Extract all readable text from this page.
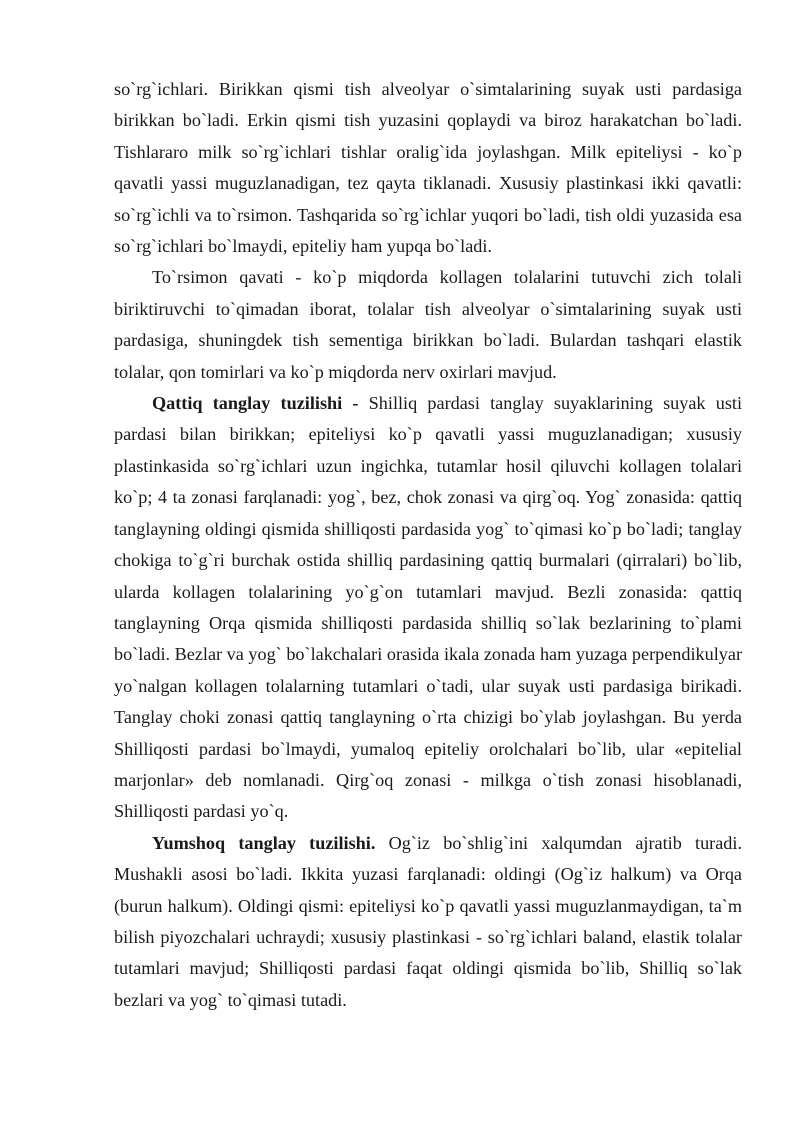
so`rg`ichlari. Birikkan qismi tish alveolyar o`simtalarining suyak usti pardasiga birikkan bo`ladi. Erkin qismi tish yuzasini qoplaydi va biroz harakatchan bo`ladi. Tishlararo milk so`rg`ichlari tishlar oralig`ida joylashgan. Milk epiteliysi - ko`p qavatli yassi muguzlanadigan, tez qayta tiklanadi. Xususiy plastinkasi ikki qavatli: so`rg`ichli va to`rsimon. Tashqarida so`rg`ichlar yuqori bo`ladi, tish oldi yuzasida esa so`rg`ichlari bo`lmaydi, epiteliy ham yupqa bo`ladi.

To`rsimon qavati - ko`p miqdorda kollagen tolalarini tutuvchi zich tolali biriktiruvchi to`qimadan iborat, tolalar tish alveolyar o`simtalarining suyak usti pardasiga, shuningdek tish sementiga birikkan bo`ladi. Bulardan tashqari elastik tolalar, qon tomirlari va ko`p miqdorda nerv oxirlari mavjud.

Qattiq tanglay tuzilishi - Shilliq pardasi tanglay suyaklarining suyak usti pardasi bilan birikkan; epiteliysi ko`p qavatli yassi muguzlanadigan; xususiy plastinkasida so`rg`ichlari uzun ingichka, tutamlar hosil qiluvchi kollagen tolalari ko`p; 4 ta zonasi farqlanadi: yog`, bez, chok zonasi va qirg`oq. Yog` zonasida: qattiq tanglayning oldingi qismida shilliqosti pardasida yog` to`qimasi ko`p bo`ladi; tanglay chokiga to`g`ri burchak ostida shilliq pardasining qattiq burmalari (qirralari) bo`lib, ularda kollagen tolalarining yo`g`on tutamlari mavjud. Bezli zonasida: qattiq tanglayning Orqa qismida shilliqosti pardasida shilliq so`lak bezlarining to`plami bo`ladi. Bezlar va yog` bo`lakchalari orasida ikala zonada ham yuzaga perpendikulyar yo`nalgan kollagen tolalarning tutamlari o`tadi, ular suyak usti pardasiga birikadi. Tanglay choki zonasi qattiq tanglayning o`rta chizigi bo`ylab joylashgan. Bu yerda Shilliqosti pardasi bo`lmaydi, yumaloq epiteliy orolchalari bo`lib, ular «epitelial marjonlar» deb nomlanadi. Qirg`oq zonasi - milkga o`tish zonasi hisoblanadi, Shilliqosti pardasi yo`q.

Yumshoq tanglay tuzilishi. Og`iz bo`shlig`ini xalqumdan ajratib turadi. Mushakli asosi bo`ladi. Ikkita yuzasi farqlanadi: oldingi (Og`iz halkum) va Orqa (burun halkum). Oldingi qismi: epiteliysi ko`p qavatli yassi muguzlanmaydigan, ta`m bilish piyozchalari uchraydi; xususiy plastinkasi - so`rg`ichlari baland, elastik tolalar tutamlari mavjud; Shilliqosti pardasi faqat oldingi qismida bo`lib, Shilliq so`lak bezlari va yog` to`qimasi tutadi.
